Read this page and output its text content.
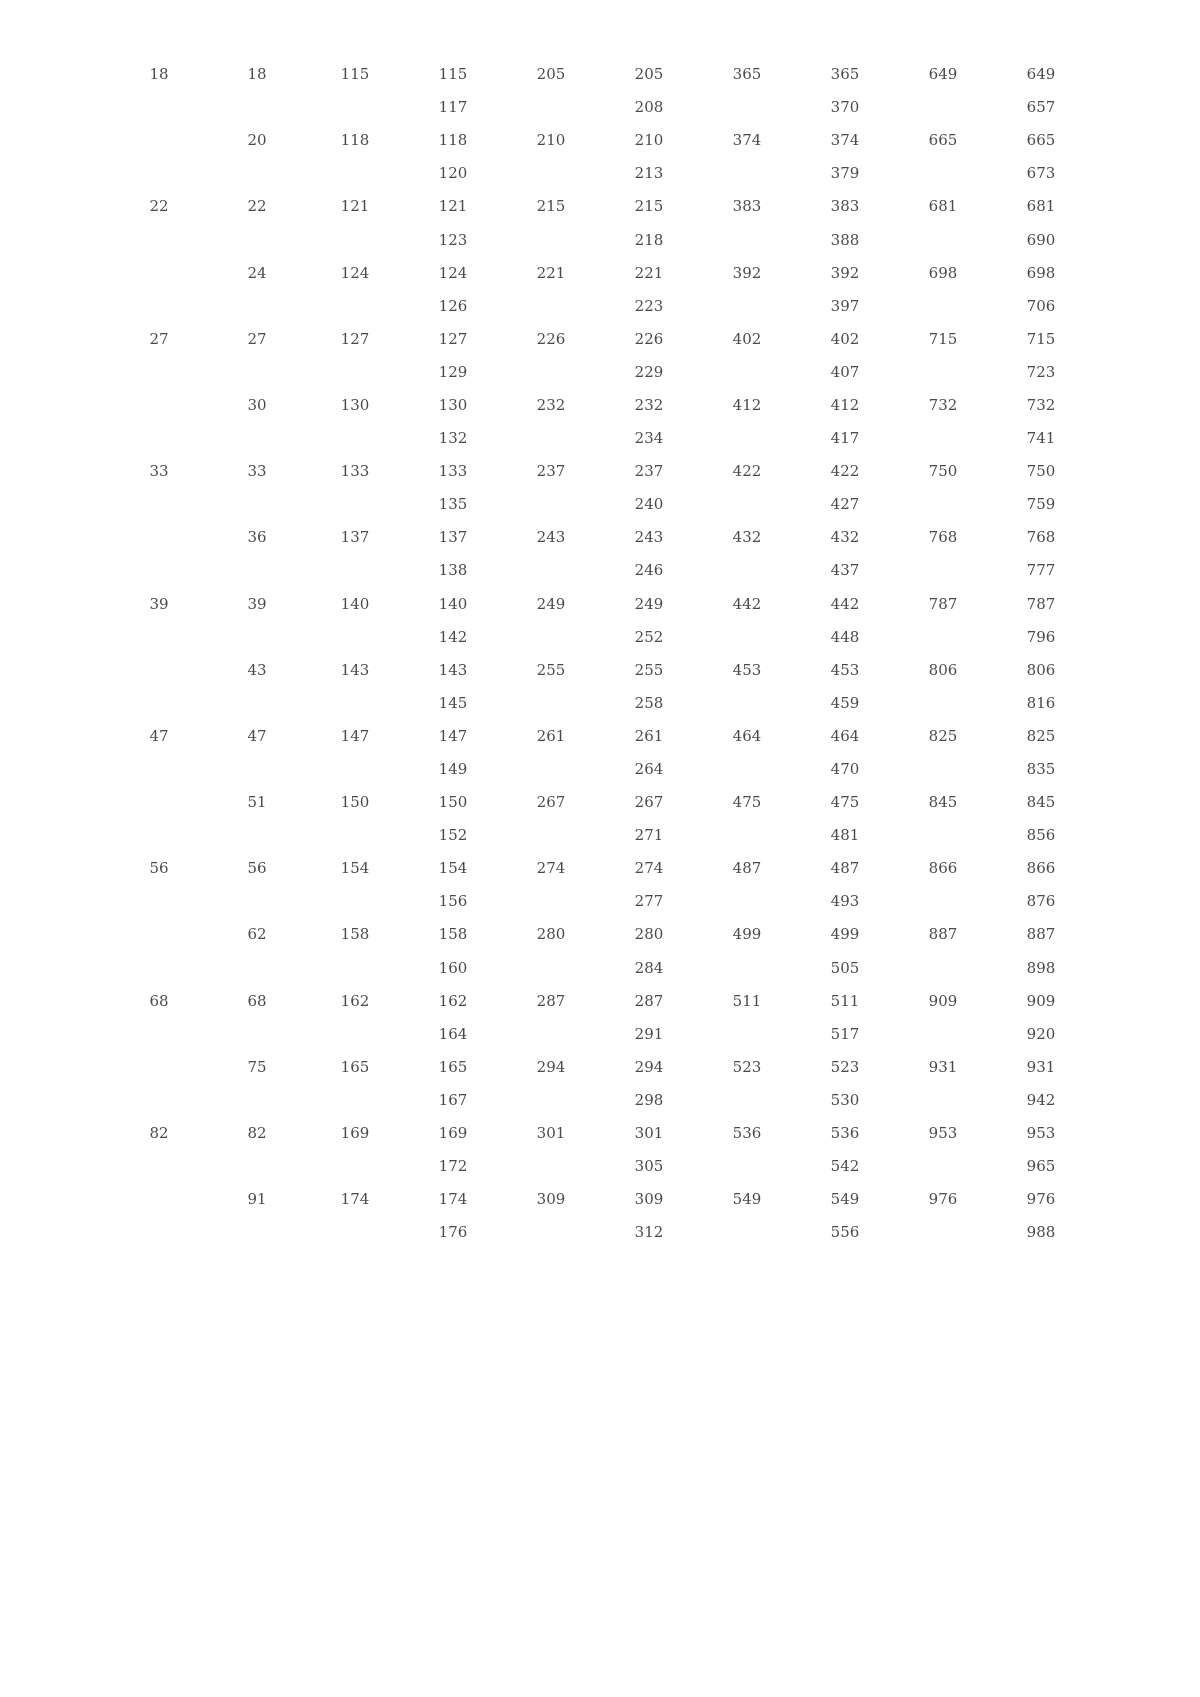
18	18	115	115	205	205	365	365	649	649
			117		208		370		657
	20	118	118	210	210	374	374	665	665
			120		213		379		673
22	22	121	121	215	215	383	383	681	681
			123		218		388		690
	24	124	124	221	221	392	392	698	698
			126		223		397		706
27	27	127	127	226	226	402	402	715	715
			129		229		407		723
	30	130	130	232	232	412	412	732	732
			132		234		417		741
33	33	133	133	237	237	422	422	750	750
			135		240		427		759
	36	137	137	243	243	432	432	768	768
			138		246		437		777
39	39	140	140	249	249	442	442	787	787
			142		252		448		796
	43	143	143	255	255	453	453	806	806
			145		258		459		816
47	47	147	147	261	261	464	464	825	825
			149		264		470		835
	51	150	150	267	267	475	475	845	845
			152		271		481		856
56	56	154	154	274	274	487	487	866	866
			156		277		493		876
	62	158	158	280	280	499	499	887	887
			160		284		505		898
68	68	162	162	287	287	511	511	909	909
			164		291		517		920
	75	165	165	294	294	523	523	931	931
			167		298		530		942
82	82	169	169	301	301	536	536	953	953
			172		305		542		965
	91	174	174	309	309	549	549	976	976
			176		312		556		988
